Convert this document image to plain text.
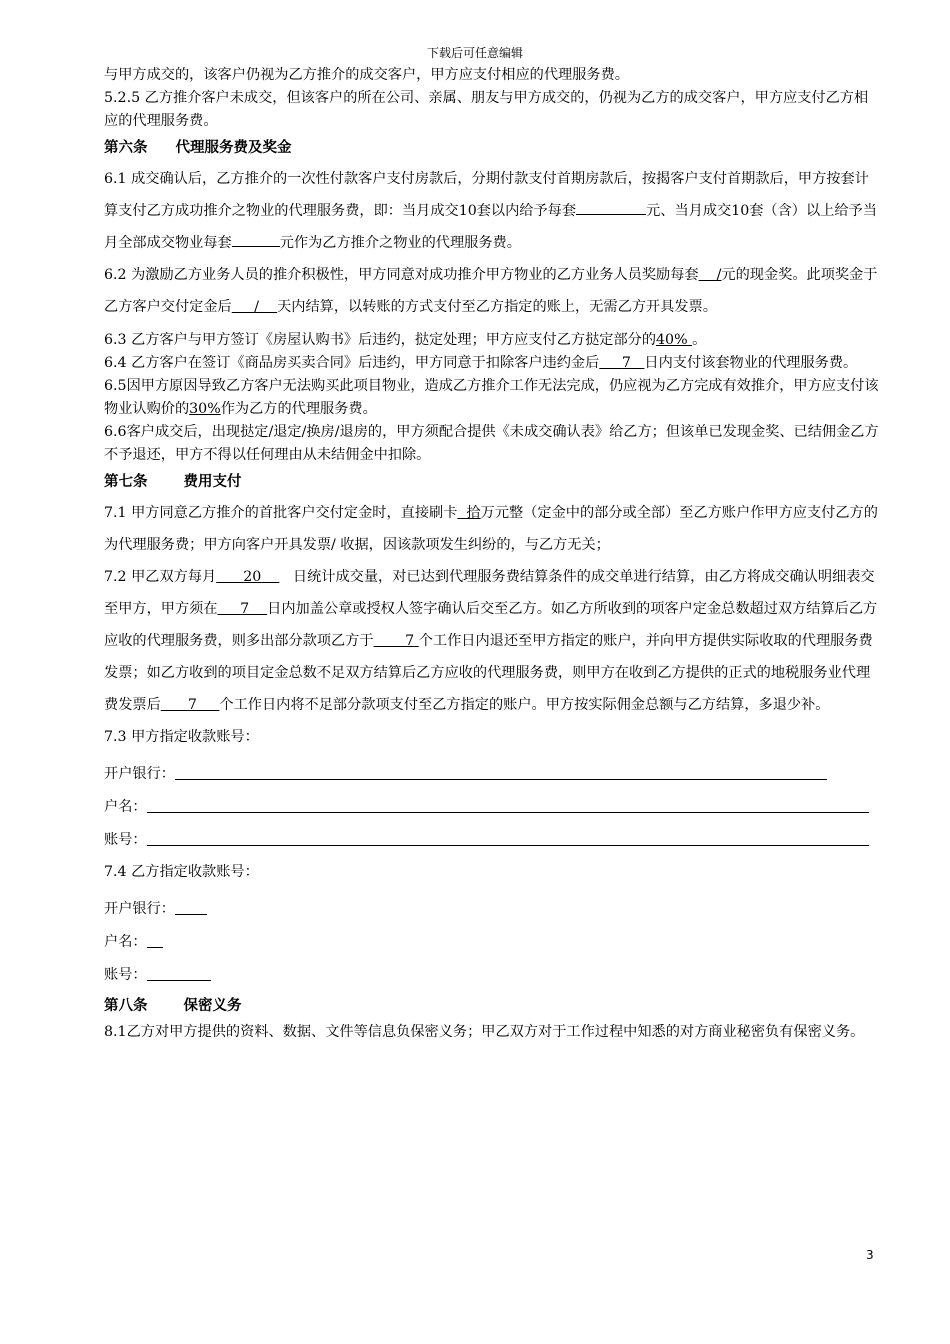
下载后可任意编辑

与甲方成交的，该客户仍视为乙方推介的成交客户，甲方应支付相应的代理服务费。

5.2.5 乙方推介客户未成交，但该客户的所在公司、亲属、朋友与甲方成交的，仍视为乙方的成交客户，甲方应支付乙方相应的代理服务费。

第六条 代理服务费及奖金

6.1 成交确认后，乙方推介的一次性付款客户支付房款后，分期付款支付首期房款后，按揭客户支付首期款后，甲方按套计算支付乙方成功推介之物业的代理服务费，即：当月成交10套以内给予每套	元、当月成交10套（含）以上给予当月全部成交物业每套	元作为乙方推介之物业的代理服务费。

6.2 为激励乙方业务人员的推介积极性，甲方同意对成功推介甲方物业的乙方业务人员奖励每套 /元的现金奖。此项奖金于乙方客户交付定金后 / 天内结算，以转账的方式支付至乙方指定的账上，无需乙方开具发票。

6.3 乙方客户与甲方签订《房屋认购书》后违约，挞定处理；甲方应支付乙方挞定部分的40% 。

6.4 乙方客户在签订《商品房买卖合同》后违约，甲方同意于扣除客户违约金后 7 日内支付该套物业的代理服务费。

6.5因甲方原因导致乙方客户无法购买此项目物业，造成乙方推介工作无法完成，仍应视为乙方完成有效推介，甲方应支付该物业认购价的30%作为乙方的代理服务费。

6.6客户成交后，出现挞定/退定/换房/退房的，甲方须配合提供《未成交确认表》给乙方；但该单已发现金奖、已结佣金乙方不予退还，甲方不得以任何理由从未结佣金中扣除。

第七条 费用支付

7.1 甲方同意乙方推介的首批客户交付定金时，直接刷卡 拾万元整（定金中的部分或全部）至乙方账户作甲方应支付乙方的为代理服务费；甲方向客户开具发票/ 收据，因该款项发生纠纷的，与乙方无关；

7.2 甲乙双方每月 20 日统计成交量，对已达到代理服务费结算条件的成交单进行结算，由乙方将成交确认明细表交至甲方，甲方须在 7 日内加盖公章或授权人签字确认后交至乙方。如乙方所收到的项客户定金总数超过双方结算后乙方应收的代理服务费，则多出部分款项乙方于 7 个工作日内退还至甲方指定的账户，并向甲方提供实际收取的代理服务费发票；如乙方收到的项目定金总数不足双方结算后乙方应收的代理服务费，则甲方在收到乙方提供的正式的地税服务业代理费发票后 7 个工作日内将不足部分款项支付至乙方指定的账户。甲方按实际佣金总额与乙方结算，多退少补。

7.3 甲方指定收款账号：

开户银行：
户名：
账号：

7.4 乙方指定收款账号：

开户银行：
户名：
账号：

第八条 保密义务

8.1乙方对甲方提供的资料、数据、文件等信息负保密义务；甲乙双方对于工作过程中知悉的对方商业秘密负有保密义务。

3
